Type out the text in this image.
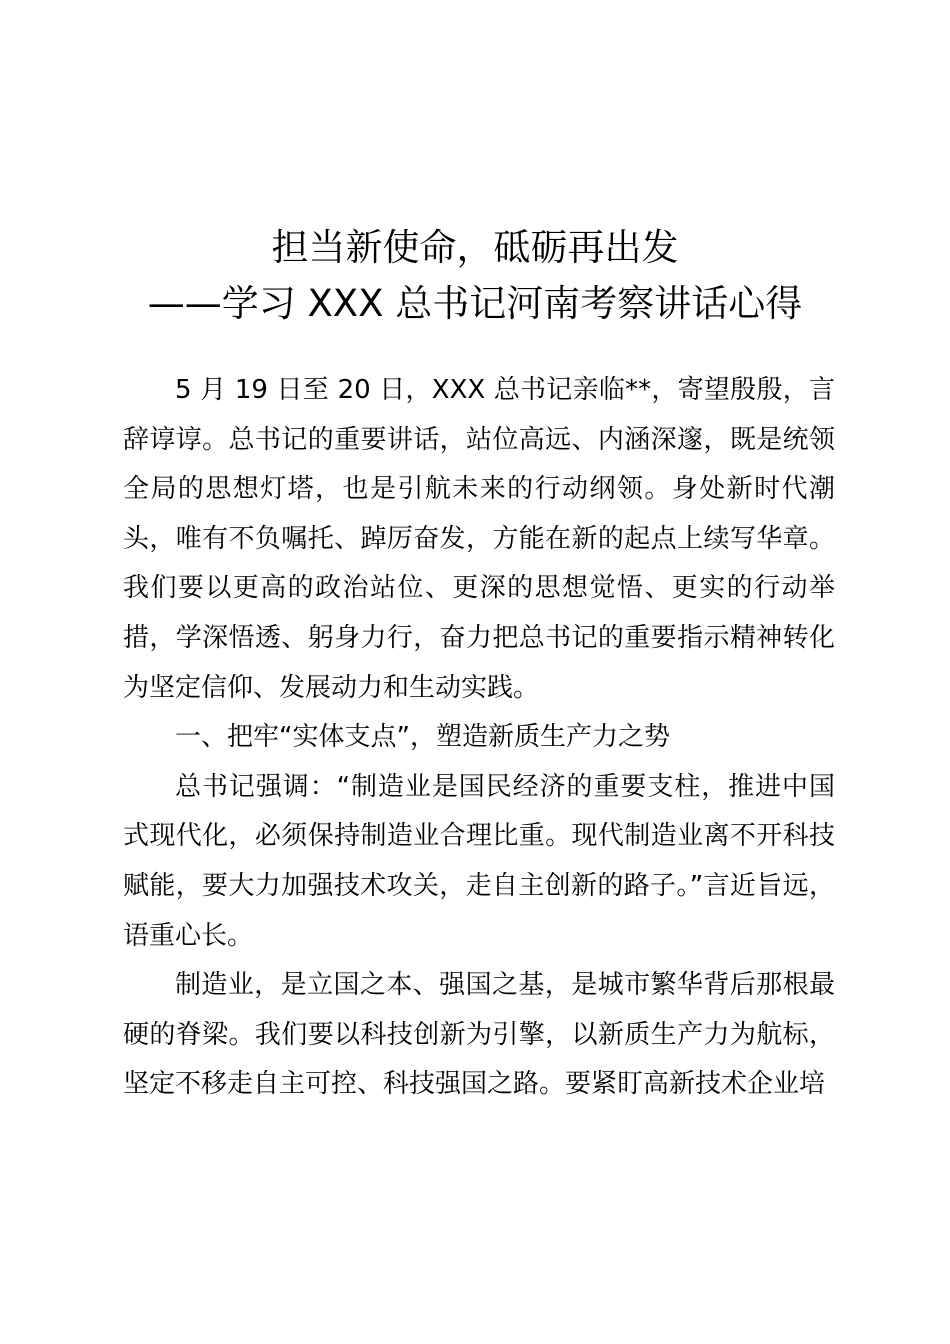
担当新使命，砥砺再出发
——学习 XXX 总书记河南考察讲话心得

5 月 19 日至 20 日，XXX 总书记亲临**，寄望殷殷，言辞谆谆。总书记的重要讲话，站位高远、内涵深邃，既是统领全局的思想灯塔，也是引航未来的行动纲领。身处新时代潮头，唯有不负嘱托、踔厉奋发，方能在新的起点上续写华章。我们要以更高的政治站位、更深的思想觉悟、更实的行动举措，学深悟透、躬身力行，奋力把总书记的重要指示精神转化为坚定信仰、发展动力和生动实践。

一、把牢“实体支点”，塑造新质生产力之势

总书记强调：“制造业是国民经济的重要支柱，推进中国式现代化，必须保持制造业合理比重。现代制造业离不开科技赋能，要大力加强技术攻关，走自主创新的路子。”言近旨远，语重心长。

制造业，是立国之本、强国之基，是城市繁华背后那根最硬的脊梁。我们要以科技创新为引擎，以新质生产力为航标，坚定不移走自主可控、科技强国之路。要紧盯高新技术企业培
